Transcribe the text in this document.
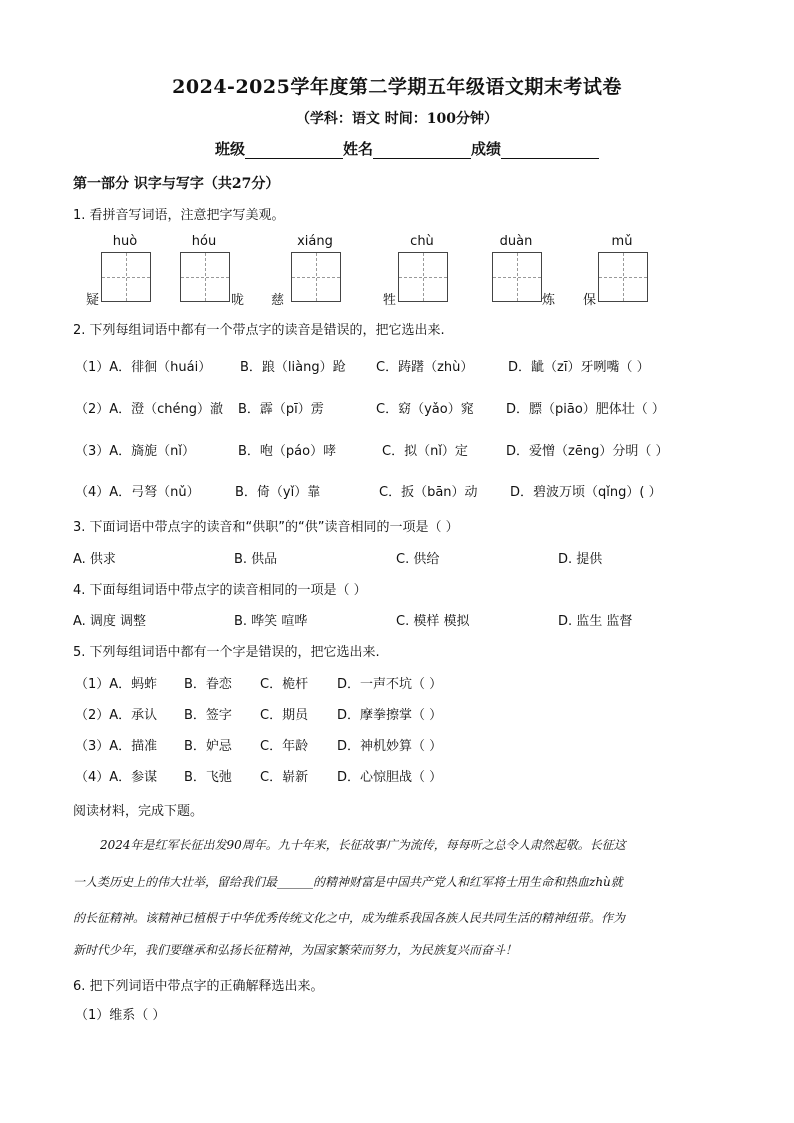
2024-2025学年度第二学期五年级语文期末考试卷
（学科：语文 时间：100分钟）
班级	姓名	成绩
第一部分 识字与写字（共27分）
1. 看拼音写词语，注意把字写美观。
huò	hóu	xiáng	chù	duàn	mǔ
疑	咙 慈	牲	炼 保
2. 下列每组词语中都有一个带点字的读音是错误的，把它选出来.
（1）A．徘徊（huái） B．踉（liàng）跄 C．踌躇（zhù）	D．龇（zī）牙咧嘴（ ）
（2）A．澄（chéng）澈 B．霹（pī）雳	C．窈（yǎo）窕 D．膘（piāo）肥体壮（ ）
（3）A．旖旎（nǐ）	B．咆（páo）哮	C．拟（nǐ）定	D．爱憎（zēng）分明（ ）
（4）A．弓弩（nǔ）	B．倚（yǐ）靠	C．扳（bān）动 D．碧波万顷（qǐng）( ）
3. 下面词语中带点字的读音和“供职”的“供”读音相同的一项是（ ）
A. 供求	B. 供品	C. 供给	D. 提供
4. 下面每组词语中带点字的读音相同的一项是（ ）
A. 调度 调整	B. 哗笑 喧哗	C. 模样 模拟	D. 监生 监督
5. 下列每组词语中都有一个字是错误的，把它选出来.
（1）A．蚂蚱 B．眷恋 C．桅杆 D．一声不坑（ ）
（2）A．承认 B．签字 C．期员 D．摩拳擦掌（ ）
（3）A．描准 B．妒忌 C．年龄 D．神机妙算（ ）
（4）A．参谋 B．飞弛 C．崭新 D．心惊胆战（ ）
阅读材料，完成下题。
2024年是红军长征出发90周年。九十年来，长征故事广为流传，每每听之总令人肃然起敬。长征这
一人类历史上的伟大壮举，留给我们最______的精神财富是中国共产党人和红军将士用生命和热血zhù就
的长征精神。该精神已植根于中华优秀传统文化之中，成为维系我国各族人民共同生活的精神纽带。作为
新时代少年，我们要继承和弘扬长征精神，为国家繁荣而努力，为民族复兴而奋斗！
6. 把下列词语中带点字的正确解释选出来。
（1）维系（ ）
